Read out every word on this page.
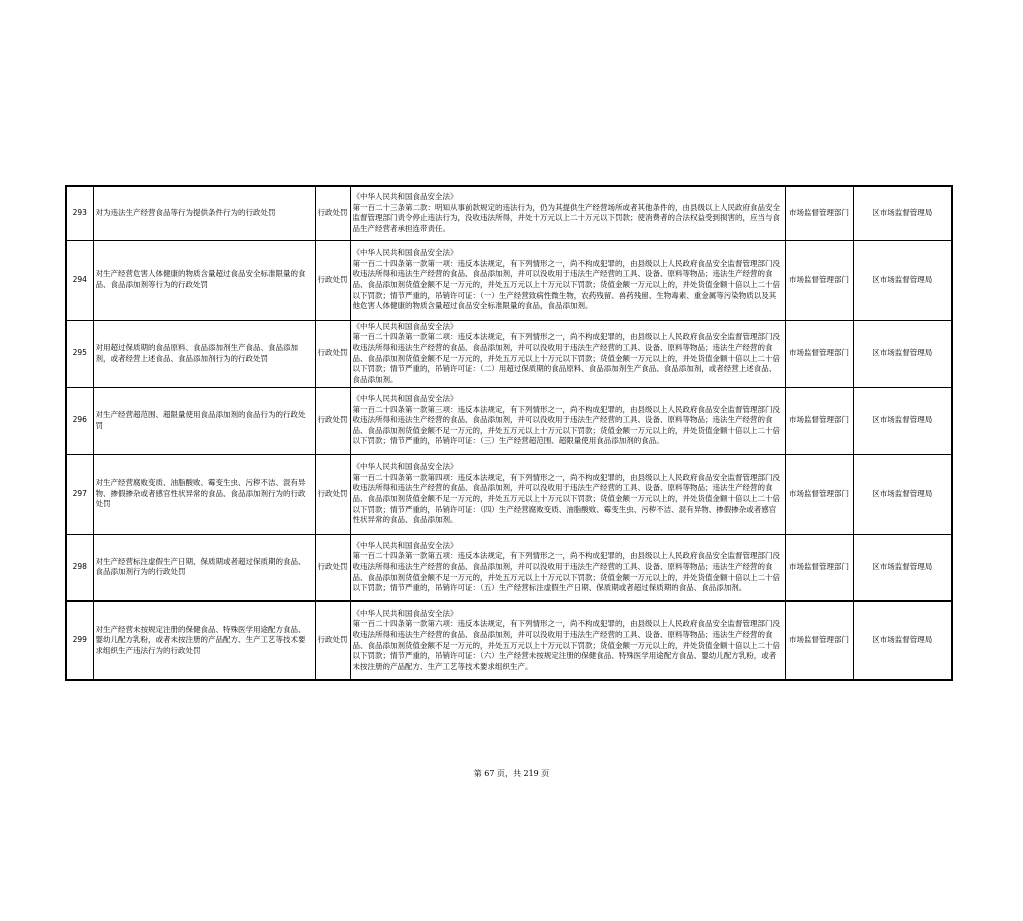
293	对为违法生产经营食品等行为提供条件行为的行政处罚	行政处罚	《中华人民共和国食品安全法》
第一百二十三条第二款：明知从事前款规定的违法行为，仍为其提供生产经营场所或者其他条件的，由县级以上人民政府食品安全监督管理部门责令停止违法行为，没收违法所得，并处十万元以上二十万元以下罚款；使消费者的合法权益受到损害的，应当与食品生产经营者承担连带责任。	市场监督管理部门	区市场监督管理局
294	对生产经营危害人体健康的物质含量超过食品安全标准限量的食品、食品添加剂等行为的行政处罚	行政处罚	《中华人民共和国食品安全法》
第一百二十四条第一款第一项：违反本法规定，有下列情形之一，尚不构成犯罪的，由县级以上人民政府食品安全监督管理部门没收违法所得和违法生产经营的食品、食品添加剂，并可以没收用于违法生产经营的工具、设备、原料等物品；违法生产经营的食品、食品添加剂货值金额不足一万元的，并处五万元以上十万元以下罚款；货值金额一万元以上的，并处货值金额十倍以上二十倍以下罚款；情节严重的，吊销许可证：（一）生产经营致病性微生物，农药残留、兽药残留、生物毒素、重金属等污染物质以及其他危害人体健康的物质含量超过食品安全标准限量的食品，食品添加剂。	市场监督管理部门	区市场监督管理局
295	对用超过保质期的食品原料、食品添加剂生产食品、食品添加剂，或者经营上述食品、食品添加剂行为的行政处罚	行政处罚	《中华人民共和国食品安全法》
第一百二十四条第一款第二项：违反本法规定，有下列情形之一，尚不构成犯罪的，由县级以上人民政府食品安全监督管理部门没收违法所得和违法生产经营的食品、食品添加剂，并可以没收用于违法生产经营的工具、设备、原料等物品；违法生产经营的食品、食品添加剂货值金额不足一万元的，并处五万元以上十万元以下罚款；货值金额一万元以上的，并处货值金额十倍以上二十倍以下罚款；情节严重的，吊销许可证：（二）用超过保质期的食品原料、食品添加剂生产食品、食品添加剂，或者经营上述食品、食品添加剂。	市场监督管理部门	区市场监督管理局
296	对生产经营超范围、超限量使用食品添加剂的食品行为的行政处罚	行政处罚	《中华人民共和国食品安全法》
第一百二十四条第一款第三项：违反本法规定，有下列情形之一，尚不构成犯罪的，由县级以上人民政府食品安全监督管理部门没收违法所得和违法生产经营的食品、食品添加剂，并可以没收用于违法生产经营的工具、设备、原料等物品；违法生产经营的食品、食品添加剂货值金额不足一万元的，并处五万元以上十万元以下罚款；货值金额一万元以上的，并处货值金额十倍以上二十倍以下罚款；情节严重的，吊销许可证：（三）生产经营超范围、超限量使用食品添加剂的食品。	市场监督管理部门	区市场监督管理局
297	对生产经营腐败变质、油脂酸败、霉变生虫、污秽不洁、混有异物、掺假掺杂或者感官性状异常的食品、食品添加剂行为的行政处罚	行政处罚	《中华人民共和国食品安全法》
第一百二十四条第一款第四项：违反本法规定，有下列情形之一，尚不构成犯罪的，由县级以上人民政府食品安全监督管理部门没收违法所得和违法生产经营的食品、食品添加剂，并可以没收用于违法生产经营的工具、设备、原料等物品；违法生产经营的食品、食品添加剂货值金额不足一万元的，并处五万元以上十万元以下罚款；货值金额一万元以上的，并处货值金额十倍以上二十倍以下罚款；情节严重的，吊销许可证：（四）生产经营腐败变质、油脂酸败、霉变生虫、污秽不洁、混有异物、掺假掺杂或者感官性状异常的食品、食品添加剂。	市场监督管理部门	区市场监督管理局
298	对生产经营标注虚假生产日期、保质期或者超过保质期的食品、食品添加剂行为的行政处罚	行政处罚	《中华人民共和国食品安全法》
第一百二十四条第一款第五项：违反本法规定，有下列情形之一，尚不构成犯罪的，由县级以上人民政府食品安全监督管理部门没收违法所得和违法生产经营的食品、食品添加剂，并可以没收用于违法生产经营的工具、设备、原料等物品；违法生产经营的食品、食品添加剂货值金额不足一万元的，并处五万元以上十万元以下罚款；货值金额一万元以上的，并处货值金额十倍以上二十倍以下罚款；情节严重的，吊销许可证：（五）生产经营标注虚假生产日期、保质期或者超过保质期的食品、食品添加剂。	市场监督管理部门	区市场监督管理局
299	对生产经营未按规定注册的保健食品、特殊医学用途配方食品、婴幼儿配方乳粉，或者未按注册的产品配方、生产工艺等技术要求组织生产违法行为的行政处罚	行政处罚	《中华人民共和国食品安全法》
第一百二十四条第一款第六项：违反本法规定，有下列情形之一，尚不构成犯罪的，由县级以上人民政府食品安全监督管理部门没收违法所得和违法生产经营的食品、食品添加剂，并可以没收用于违法生产经营的工具、设备、原料等物品；违法生产经营的食品、食品添加剂货值金额不足一万元的，并处五万元以上十万元以下罚款；货值金额一万元以上的，并处货值金额十倍以上二十倍以下罚款；情节严重的，吊销许可证：（六）生产经营未按规定注册的保健食品、特殊医学用途配方食品、婴幼儿配方乳粉，或者未按注册的产品配方、生产工艺等技术要求组织生产。	市场监督管理部门	区市场监督管理局
第 67 页，共 219 页
